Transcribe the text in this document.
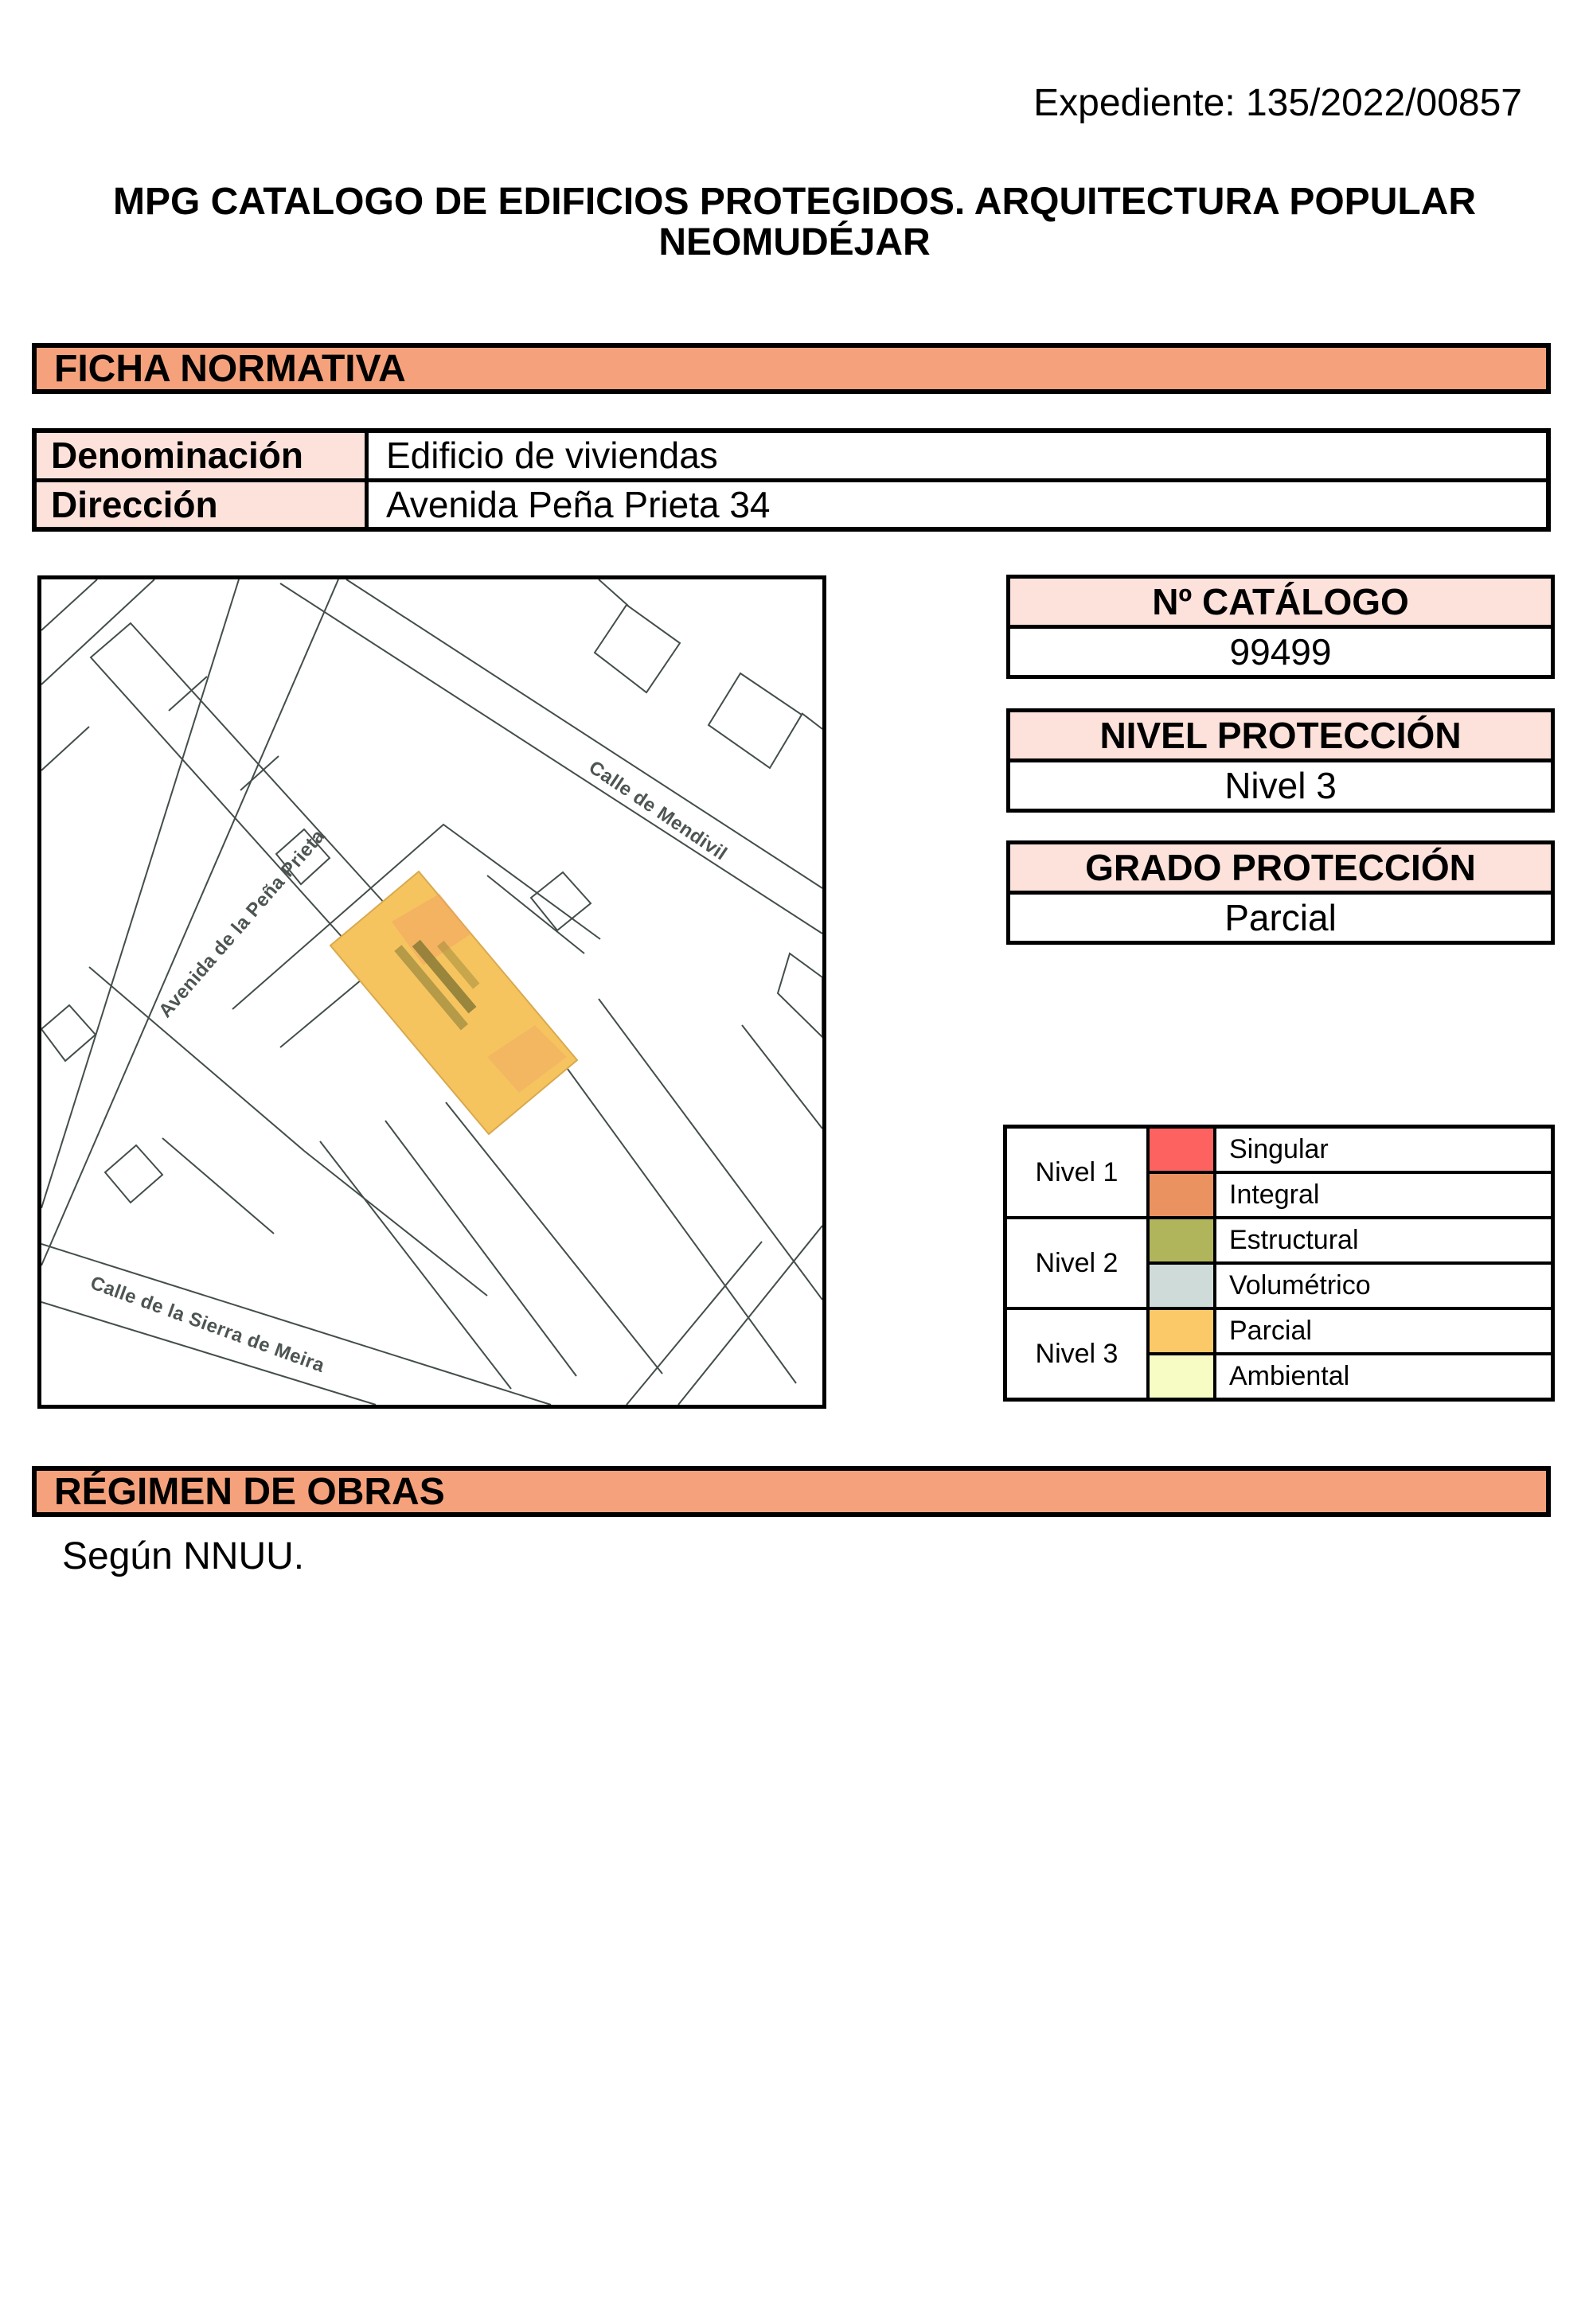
Expediente: 135/2022/00857
MPG CATALOGO DE EDIFICIOS PROTEGIDOS. ARQUITECTURA POPULAR
NEOMUDÉJAR
FICHA NORMATIVA
Denominación	Edificio de viviendas
Dirección	Avenida Peña Prieta 34
Avenida de la Peña Prieta
Calle de Mendivil
Calle de la Sierra de Meira
Nº CATÁLOGO
99499
NIVEL PROTECCIÓN
Nivel 3
GRADO PROTECCIÓN
Parcial
Nivel 1
Singular
Integral
Nivel 2
Estructural
Volumétrico
Nivel 3
Parcial
Ambiental
RÉGIMEN DE OBRAS
Según NNUU.
